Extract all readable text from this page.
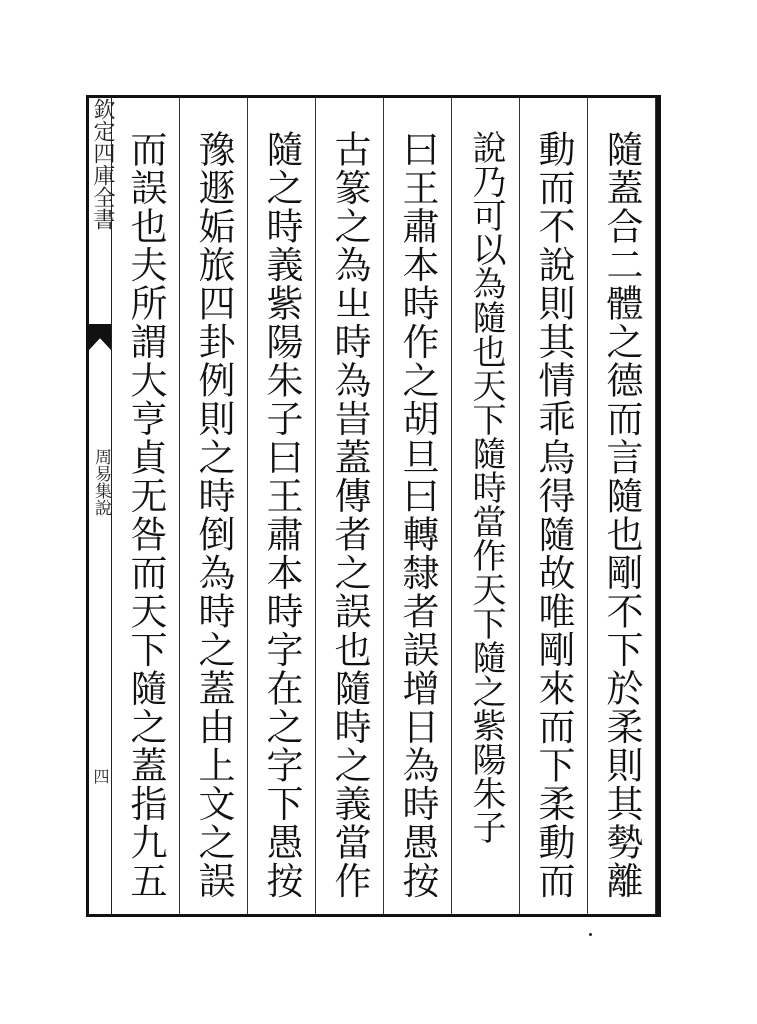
欽定四庫全書
周易集說
四	隨蓋合二體之德而言隨也剛不下於柔則其勢離
動而不說則其情乖烏得隨故唯剛來而下柔動而
說乃可以為隨也天下隨時當作天下隨之紫陽朱子
曰王肅本時作之胡旦曰轉隸者誤增日為時愚按
古篆之為㞢時為旹蓋傳者之誤也隨時之義當作
隨之時義紫陽朱子曰王肅本時字在之字下愚按
豫遯姤旅四卦例則之時倒為時之蓋由上文之誤
而誤也夫所謂大亨貞无咎而天下隨之蓋指九五
